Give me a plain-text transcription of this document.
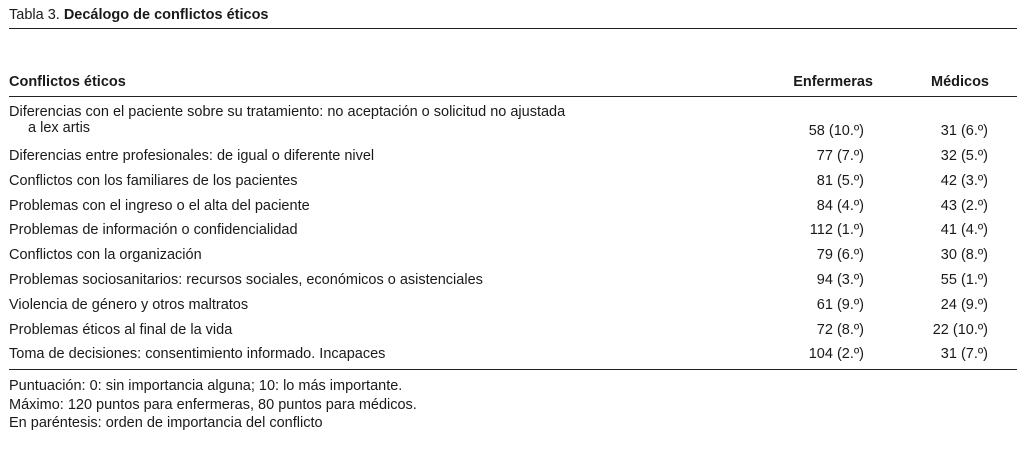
Tabla 3. Decálogo de conflictos éticos
Conflictos éticos	Enfermeras	Médicos
Diferencias con el paciente sobre su tratamiento: no aceptación o solicitud no ajustada
a lex artis	58 (10.º)	31 (6.º)
Diferencias entre profesionales: de igual o diferente nivel	77 (7.º)	32 (5.º)
Conflictos con los familiares de los pacientes	81 (5.º)	42 (3.º)
Problemas con el ingreso o el alta del paciente	84 (4.º)	43 (2.º)
Problemas de información o confidencialidad	112 (1.º)	41 (4.º)
Conflictos con la organización	79 (6.º)	30 (8.º)
Problemas sociosanitarios: recursos sociales, económicos o asistenciales	94 (3.º)	55 (1.º)
Violencia de género y otros maltratos	61 (9.º)	24 (9.º)
Problemas éticos al final de la vida	72 (8.º)	22 (10.º)
Toma de decisiones: consentimiento informado. Incapaces	104 (2.º)	31 (7.º)
Puntuación: 0: sin importancia alguna; 10: lo más importante.
Máximo: 120 puntos para enfermeras, 80 puntos para médicos.
En paréntesis: orden de importancia del conflicto
